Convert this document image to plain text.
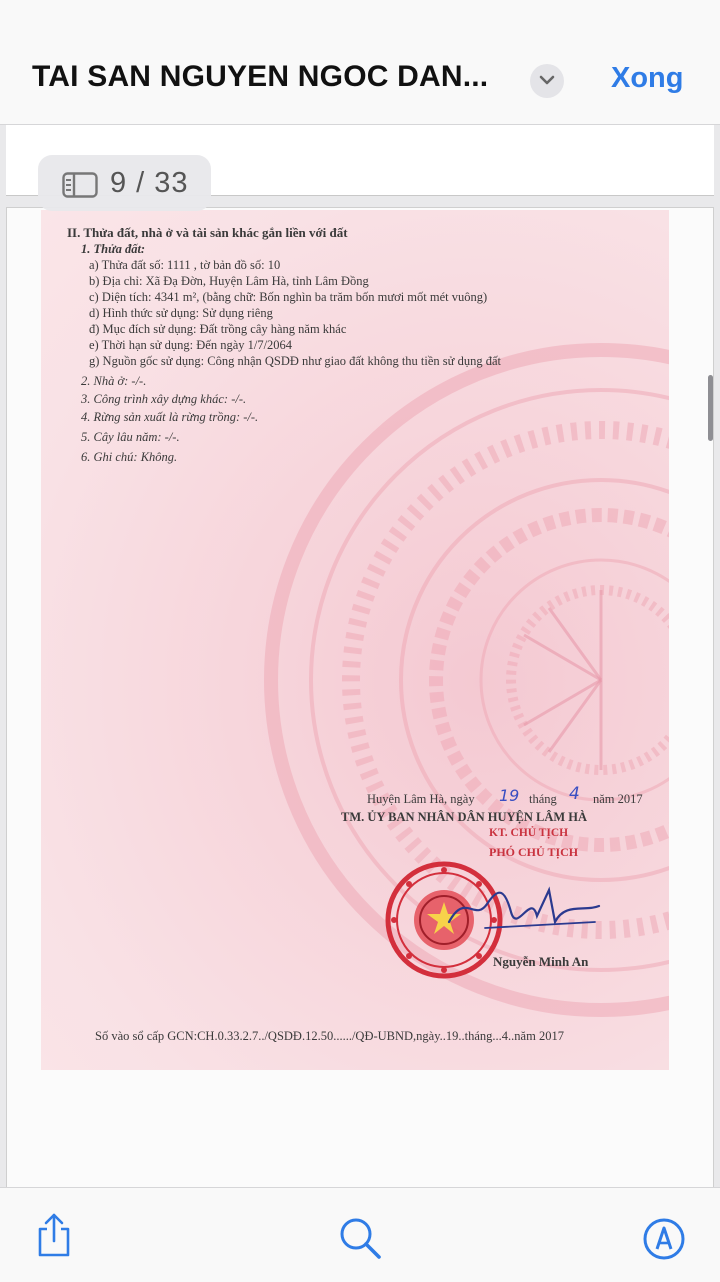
TAI SAN NGUYEN NGOC DAN...	Xong
II. Thửa đất, nhà ở và tài sản khác gắn liền với đất
1. Thửa đất:
a) Thửa đất số: 1111 , tờ bản đồ số: 10
b) Địa chỉ: Xã Đạ Đờn, Huyện Lâm Hà, tỉnh Lâm Đồng
c) Diện tích: 4341 m², (bằng chữ: Bốn nghìn ba trăm bốn mươi mốt mét vuông)
d) Hình thức sử dụng: Sử dụng riêng
đ) Mục đích sử dụng: Đất trồng cây hàng năm khác
e) Thời hạn sử dụng: Đến ngày 1/7/2064
g) Nguồn gốc sử dụng: Công nhận QSDĐ như giao đất không thu tiền sử dụng đất
2. Nhà ở: -/-.
3. Công trình xây dựng khác: -/-.
4. Rừng sản xuất là rừng trồng: -/-.
5. Cây lâu năm: -/-.
6. Ghi chú: Không.
Huyện Lâm Hà, ngày 19 tháng 4 năm 2017
TM. ỦY BAN NHÂN DÂN HUYỆN LÂM HÀ
KT. CHỦ TỊCH
PHÓ CHỦ TỊCH
Nguyễn Minh An
Số vào sổ cấp GCN:CH.0.33.2.7../QSDĐ.12.50....../QĐ-UBND,ngày..19..tháng...4..năm 2017
9 / 33
